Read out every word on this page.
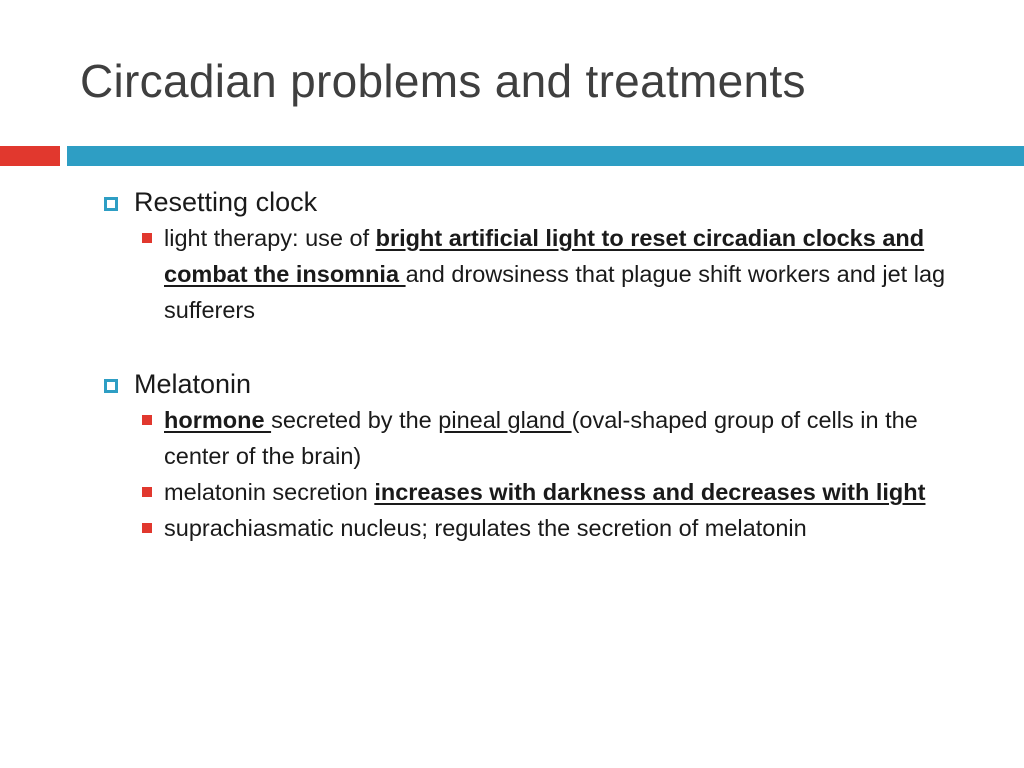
Circadian problems and treatments
Resetting clock
light therapy: use of bright artificial light to reset circadian clocks and combat the insomnia and drowsiness that plague shift workers and jet lag sufferers
Melatonin
hormone secreted by the pineal gland (oval-shaped group of cells in the center of the brain)
melatonin secretion increases with darkness and decreases with light
suprachiasmatic nucleus; regulates the secretion of melatonin
